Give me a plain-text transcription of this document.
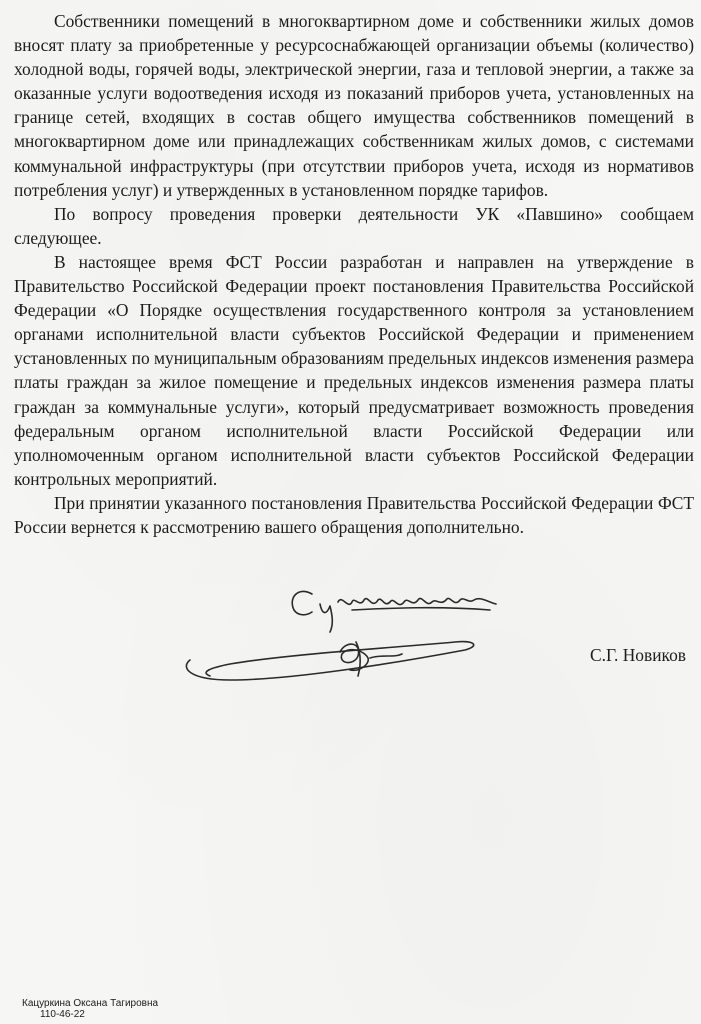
Собственники помещений в многоквартирном доме и собственники жилых домов вносят плату за приобретенные у ресурсоснабжающей организации объемы (количество) холодной воды, горячей воды, электрической энергии, газа и тепловой энергии, а также за оказанные услуги водоотведения исходя из показаний приборов учета, установленных на границе сетей, входящих в состав общего имущества собственников помещений в многоквартирном доме или принадлежащих собственникам жилых домов, с системами коммунальной инфраструктуры (при отсутствии приборов учета, исходя из нормативов потребления услуг) и утвержденных в установленном порядке тарифов.

По вопросу проведения проверки деятельности УК «Павшино» сообщаем следующее.

В настоящее время ФСТ России разработан и направлен на утверждение в Правительство Российской Федерации проект постановления Правительства Российской Федерации «О Порядке осуществления государственного контроля за установлением органами исполнительной власти субъектов Российской Федерации и применением установленных по муниципальным образованиям предельных индексов изменения размера платы граждан за жилое помещение и предельных индексов изменения размера платы граждан за коммунальные услуги», который предусматривает возможность проведения федеральным органом исполнительной власти Российской Федерации или уполномоченным органом исполнительной власти субъектов Российской Федерации контрольных мероприятий.

При принятии указанного постановления Правительства Российской Федерации ФСТ России вернется к рассмотрению вашего обращения дополнительно.

С.Г. Новиков
Кацуркина Оксана Тагировна
110-46-22
